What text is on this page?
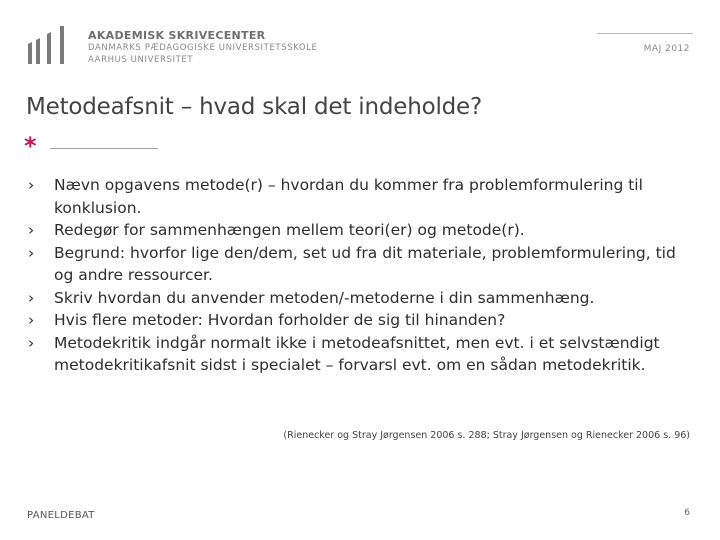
AKADEMISK SKRIVECENTER
DANMARKS PÆDAGOGISKE UNIVERSITETSSKOLE
AARHUS UNIVERSITET
MAJ 2012
Metodeafsnit – hvad skal det indeholde?
*
› Nævn opgavens metode(r) – hvordan du kommer fra problemformulering til konklusion.
› Redegør for sammenhængen mellem teori(er) og metode(r).
› Begrund: hvorfor lige den/dem, set ud fra dit materiale, problemformulering, tid og andre ressourcer.
› Skriv hvordan du anvender metoden/-metoderne i din sammenhæng.
› Hvis flere metoder: Hvordan forholder de sig til hinanden?
› Metodekritik indgår normalt ikke i metodeafsnittet, men evt. i et selvstændigt metodekritikafsnit sidst i specialet – forvarsl evt. om en sådan metodekritik.
(Rienecker og Stray Jørgensen 2006 s. 288; Stray Jørgensen og Rienecker 2006 s. 96)
PANELDEBAT	6
